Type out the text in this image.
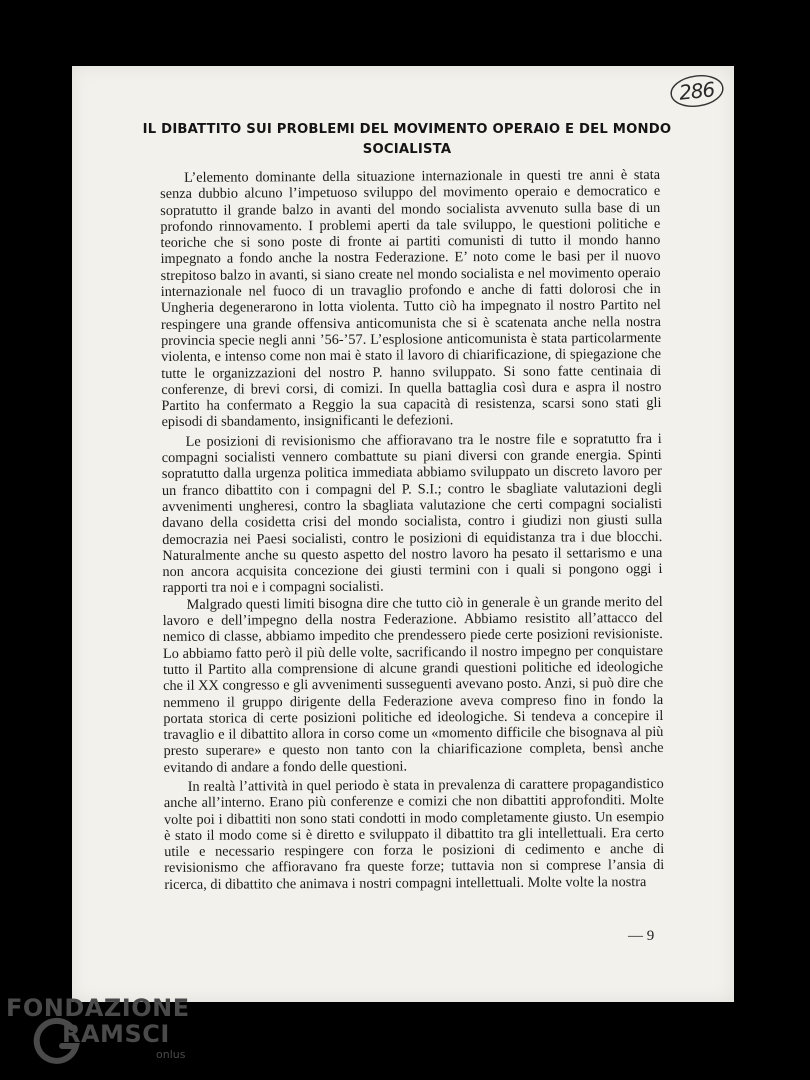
286
IL DIBATTITO SUI PROBLEMI DEL MOVIMENTO OPERAIO E DEL MONDO SOCIALISTA

L’elemento dominante della situazione internazionale in questi tre anni è stata senza dubbio alcuno l’impetuoso sviluppo del movimento operaio e democratico e sopratutto il grande balzo in avanti del mondo socialista avvenuto sulla base di un profondo rinnovamento. I problemi aperti da tale sviluppo, le questioni politiche e teoriche che si sono poste di fronte ai partiti comunisti di tutto il mondo hanno impegnato a fondo anche la nostra Federazione. E’ noto come le basi per il nuovo strepitoso balzo in avanti, si siano create nel mondo socialista e nel movimento operaio internazionale nel fuoco di un travaglio profondo e anche di fatti dolorosi che in Ungheria degenerarono in lotta violenta. Tutto ciò ha impegnato il nostro Partito nel respingere una grande offensiva anticomunista che si è scatenata anche nella nostra provincia specie negli anni ’56-’57. L’esplosione anticomunista è stata particolarmente violenta, e intenso come non mai è stato il lavoro di chiarificazione, di spiegazione che tutte le organizzazioni del nostro P. hanno sviluppato. Si sono fatte centinaia di conferenze, di brevi corsi, di comizi. In quella battaglia così dura e aspra il nostro Partito ha confermato a Reggio la sua capacità di resistenza, scarsi sono stati gli episodi di sbandamento, insignificanti le defezioni.

Le posizioni di revisionismo che affioravano tra le nostre file e sopratutto fra i compagni socialisti vennero combattute su piani diversi con grande energia. Spinti sopratutto dalla urgenza politica immediata abbiamo sviluppato un discreto lavoro per un franco dibattito con i compagni del P. S.I.; contro le sbagliate valutazioni degli avvenimenti ungheresi, contro la sbagliata valutazione che certi compagni socialisti davano della cosidetta crisi del mondo socialista, contro i giudizi non giusti sulla democrazia nei Paesi socialisti, contro le posizioni di equidistanza tra i due blocchi. Naturalmente anche su questo aspetto del nostro lavoro ha pesato il settarismo e una non ancora acquisita concezione dei giusti termini con i quali si pongono oggi i rapporti tra noi e i compagni socialisti.

Malgrado questi limiti bisogna dire che tutto ciò in generale è un grande merito del lavoro e dell’impegno della nostra Federazione. Abbiamo resistito all’attacco del nemico di classe, abbiamo impedito che prendessero piede certe posizioni revisioniste. Lo abbiamo fatto però il più delle volte, sacrificando il nostro impegno per conquistare tutto il Partito alla comprensione di alcune grandi questioni politiche ed ideologiche che il XX congresso e gli avvenimenti susseguenti avevano posto. Anzi, si può dire che nemmeno il gruppo dirigente della Federazione aveva compreso fino in fondo la portata storica di certe posizioni politiche ed ideologiche. Si tendeva a concepire il travaglio e il dibattito allora in corso come un «momento difficile che bisognava al più presto superare» e questo non tanto con la chiarificazione completa, bensì anche evitando di andare a fondo delle questioni.

In realtà l’attività in quel periodo è stata in prevalenza di carattere propagandistico anche all’interno. Erano più conferenze e comizi che non dibattiti approfonditi. Molte volte poi i dibattiti non sono stati condotti in modo completamente giusto. Un esempio è stato il modo come si è diretto e sviluppato il dibattito tra gli intellettuali. Era certo utile e necessario respingere con forza le posizioni di cedimento e anche di revisionismo che affioravano fra queste forze; tuttavia non si comprese l’ansia di ricerca, di dibattito che animava i nostri compagni intellettuali. Molte volte la nostra

— 9
FONDAZIONE
RAMSCI
onlus
